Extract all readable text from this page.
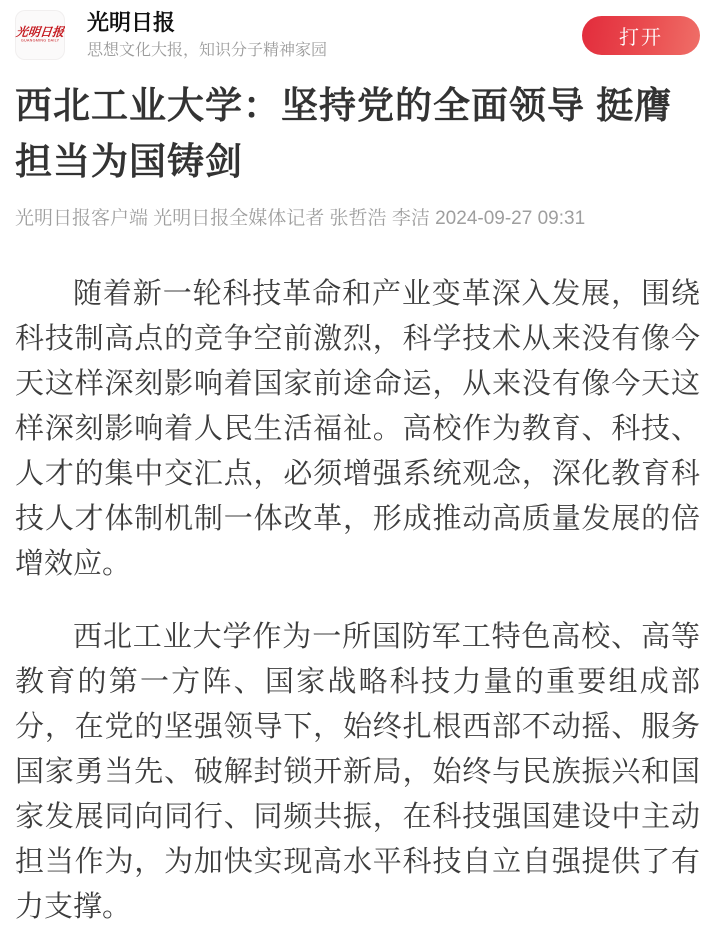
光明日报
GUANGMING DAILY
光明日报
思想文化大报，知识分子精神家园
打开
西北工业大学：坚持党的全面领导 挺膺担当为国铸剑
光明日报客户端 光明日报全媒体记者 张哲浩 李洁 2024-09-27 09:31

随着新一轮科技革命和产业变革深入发展，围绕科技制高点的竞争空前激烈，科学技术从来没有像今天这样深刻影响着国家前途命运，从来没有像今天这样深刻影响着人民生活福祉。高校作为教育、科技、人才的集中交汇点，必须增强系统观念，深化教育科技人才体制机制一体改革，形成推动高质量发展的倍增效应。

西北工业大学作为一所国防军工特色高校、高等教育的第一方阵、国家战略科技力量的重要组成部分，在党的坚强领导下，始终扎根西部不动摇、服务国家勇当先、破解封锁开新局，始终与民族振兴和国家发展同向同行、同频共振，在科技强国建设中主动担当作为，为加快实现高水平科技自立自强提供了有力支撑。
